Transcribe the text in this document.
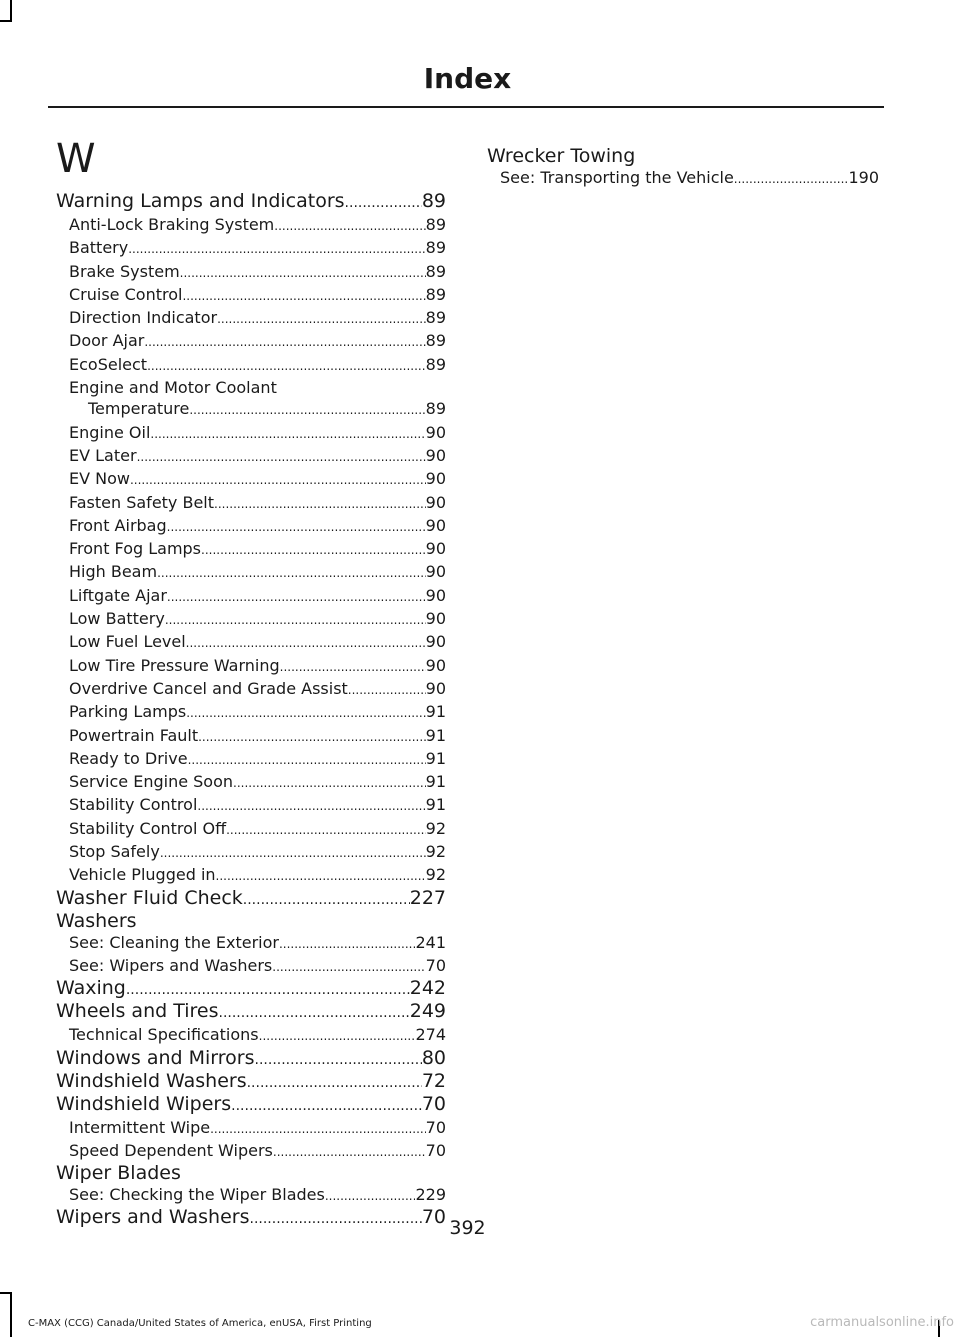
Index
W
Warning Lamps and Indicators .....	89
Anti-Lock Braking System .....	89
Battery .....	89
Brake System .....	89
Cruise Control .....	89
Direction Indicator .....	89
Door Ajar .....	89
EcoSelect .....	89
Engine and Motor Coolant
Temperature .....	89
Engine Oil .....	90
EV Later .....	90
EV Now .....	90
Fasten Safety Belt .....	90
Front Airbag .....	90
Front Fog Lamps .....	90
High Beam .....	90
Liftgate Ajar .....	90
Low Battery .....	90
Low Fuel Level .....	90
Low Tire Pressure Warning .....	90
Overdrive Cancel and Grade Assist .....	90
Parking Lamps .....	91
Powertrain Fault .....	91
Ready to Drive .....	91
Service Engine Soon .....	91
Stability Control .....	91
Stability Control Off .....	92
Stop Safely .....	92
Vehicle Plugged in .....	92
Washer Fluid Check .....	227
Washers
See: Cleaning the Exterior .....	241
See: Wipers and Washers .....	70
Waxing .....	242
Wheels and Tires .....	249
Technical Specifications .....	274
Windows and Mirrors .....	80
Windshield Washers .....	72
Windshield Wipers .....	70
Intermittent Wipe .....	70
Speed Dependent Wipers .....	70
Wiper Blades
See: Checking the Wiper Blades .....	229
Wipers and Washers .....	70
Wrecker Towing
See: Transporting the Vehicle .....	190
392
C-MAX (CCG) Canada/United States of America, enUSA, First Printing	carmanualsonline.info
